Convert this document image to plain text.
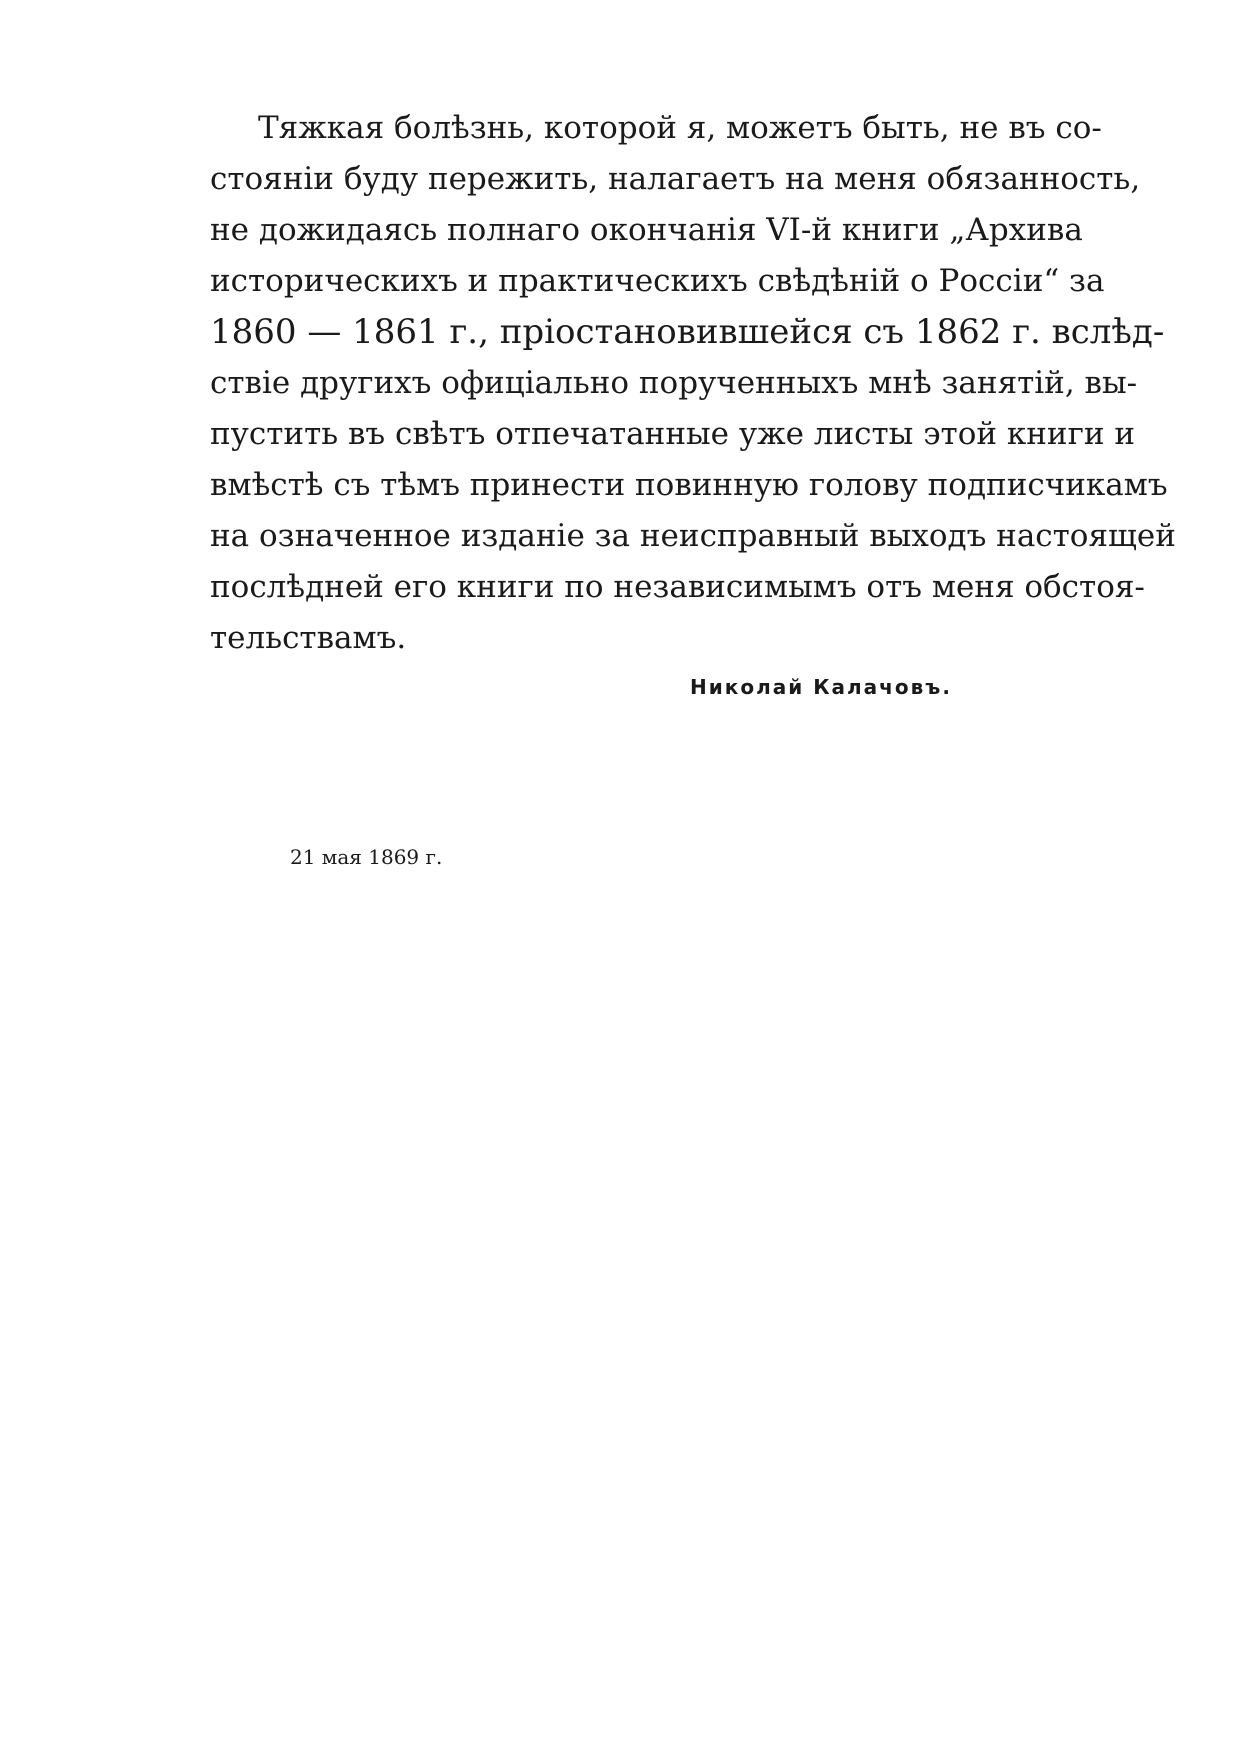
Тяжкая болѣзнь, которой я, можетъ быть, не въ со-
стояніи буду пережить, налагаетъ на меня обязанность,
не дожидаясь полнаго окончанія VI-й книги „Архива
историческихъ и практическихъ свѣдѣній о Россіи“ за
1860 — 1861 г., пріостановившейся съ 1862 г. вслѣд-
ствіе другихъ офиціально порученныхъ мнѣ занятій, вы-
пустить въ свѣтъ отпечатанные уже листы этой книги и
вмѣстѣ съ тѣмъ принести повинную голову подписчикамъ
на означенное изданіе за неисправный выходъ настоящей
послѣдней его книги по независимымъ отъ меня обстоя-
тельствамъ.

Николай Калачовъ.

21 мая 1869 г.
